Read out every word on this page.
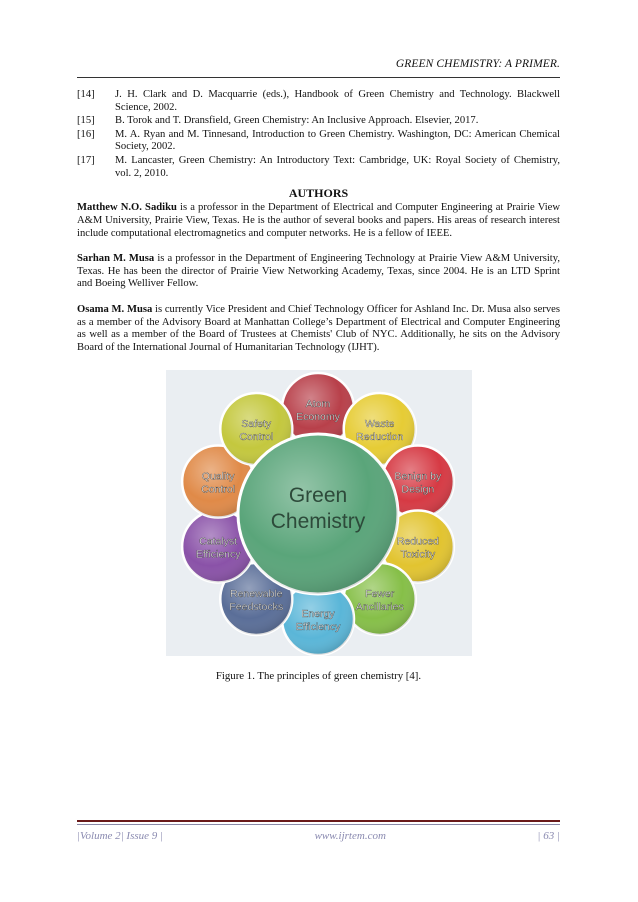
GREEN CHEMISTRY: A PRIMER.
[14]	J. H. Clark and D. Macquarrie (eds.), Handbook of Green Chemistry and Technology. Blackwell Science, 2002.
[15]	B. Torok and T. Dransfield, Green Chemistry: An Inclusive Approach. Elsevier, 2017.
[16]	M. A. Ryan and M. Tinnesand, Introduction to Green Chemistry. Washington, DC: American Chemical Society, 2002.
[17]	M. Lancaster, Green Chemistry: An Introductory Text: Cambridge, UK: Royal Society of Chemistry, vol. 2, 2010.
AUTHORS

Matthew N.O. Sadiku is a professor in the Department of Electrical and Computer Engineering at Prairie View A&M University, Prairie View, Texas. He is the author of several books and papers. His areas of research interest include computational electromagnetics and computer networks. He is a fellow of IEEE.

Sarhan M. Musa is a professor in the Department of Engineering Technology at Prairie View A&M University, Texas. He has been the director of Prairie View Networking Academy, Texas, since 2004. He is an LTD Sprint and Boeing Welliver Fellow.

Osama M. Musa is currently Vice President and Chief Technology Officer for Ashland Inc. Dr. Musa also serves as a member of the Advisory Board at Manhattan College’s Department of Electrical and Computer Engineering as well as a member of the Board of Trustees at Chemists' Club of NYC. Additionally, he sits on the Advisory Board of the International Journal of Humanitarian Technology (IJHT).

Atom
Economy
Waste
Reduction
Benign by
Design
Reduced
Toxicity
Fewer
Ancillaries
Energy
Efficiency
Renewable
Feedstocks
Catalyst
Efficiency
Quality
Control
Safety
Control
Green
Chemistry
Figure 1. The principles of green chemistry [4].
|Volume 2| Issue 9 |	www.ijrtem.com	| 63 |
